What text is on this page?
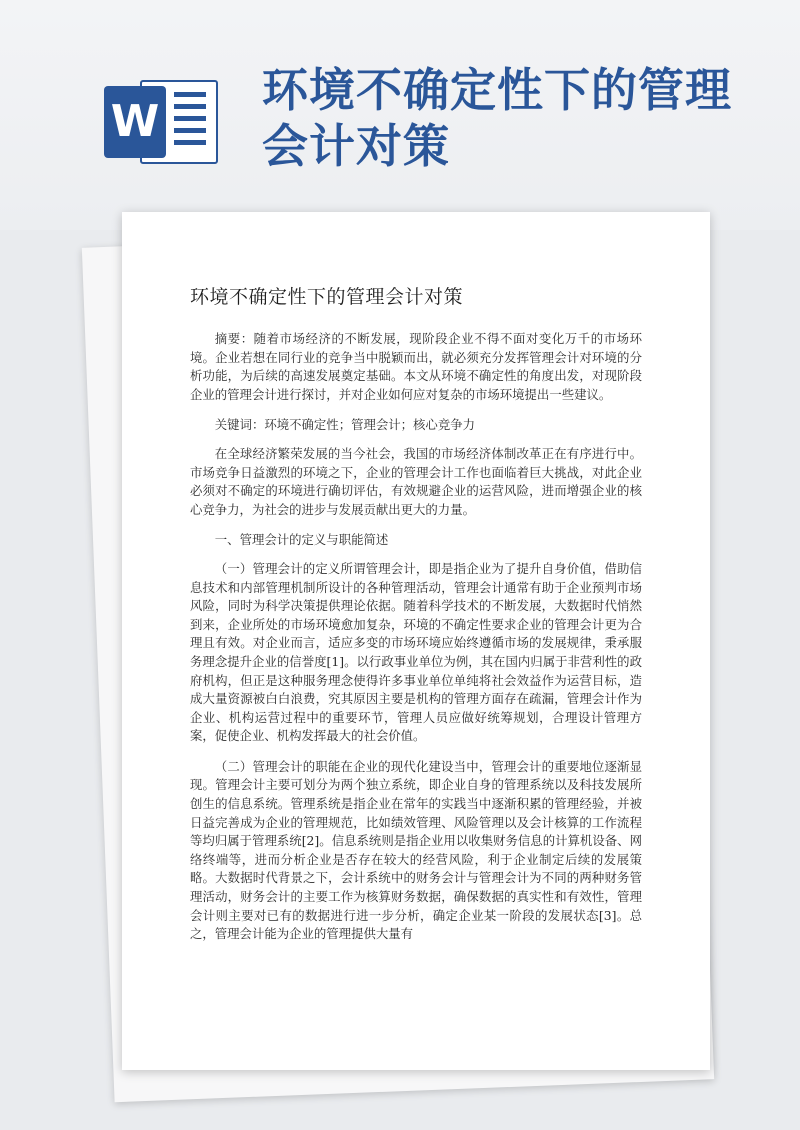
W
环境不确定性下的管理会计对策
环境不确定性下的管理会计对策

摘要：随着市场经济的不断发展，现阶段企业不得不面对变化万千的市场环境。企业若想在同行业的竞争当中脱颖而出，就必须充分发挥管理会计对环境的分析功能，为后续的高速发展奠定基础。本文从环境不确定性的角度出发，对现阶段企业的管理会计进行探讨，并对企业如何应对复杂的市场环境提出一些建议。

关键词：环境不确定性；管理会计；核心竞争力

在全球经济繁荣发展的当今社会，我国的市场经济体制改革正在有序进行中。市场竞争日益激烈的环境之下，企业的管理会计工作也面临着巨大挑战，对此企业必须对不确定的环境进行确切评估，有效规避企业的运营风险，进而增强企业的核心竞争力，为社会的进步与发展贡献出更大的力量。

一、管理会计的定义与职能简述

（一）管理会计的定义所谓管理会计，即是指企业为了提升自身价值，借助信息技术和内部管理机制所设计的各种管理活动，管理会计通常有助于企业预判市场风险，同时为科学决策提供理论依据。随着科学技术的不断发展，大数据时代悄然到来，企业所处的市场环境愈加复杂，环境的不确定性要求企业的管理会计更为合理且有效。对企业而言，适应多变的市场环境应始终遵循市场的发展规律，秉承服务理念提升企业的信誉度[1]。以行政事业单位为例，其在国内归属于非营利性的政府机构，但正是这种服务理念使得许多事业单位单纯将社会效益作为运营目标，造成大量资源被白白浪费，究其原因主要是机构的管理方面存在疏漏，管理会计作为企业、机构运营过程中的重要环节，管理人员应做好统筹规划，合理设计管理方案，促使企业、机构发挥最大的社会价值。

（二）管理会计的职能在企业的现代化建设当中，管理会计的重要地位逐渐显现。管理会计主要可划分为两个独立系统，即企业自身的管理系统以及科技发展所创生的信息系统。管理系统是指企业在常年的实践当中逐渐积累的管理经验，并被日益完善成为企业的管理规范，比如绩效管理、风险管理以及会计核算的工作流程等均归属于管理系统[2]。信息系统则是指企业用以收集财务信息的计算机设备、网络终端等，进而分析企业是否存在较大的经营风险，利于企业制定后续的发展策略。大数据时代背景之下，会计系统中的财务会计与管理会计为不同的两种财务管理活动，财务会计的主要工作为核算财务数据，确保数据的真实性和有效性，管理会计则主要对已有的数据进行进一步分析，确定企业某一阶段的发展状态[3]。总之，管理会计能为企业的管理提供大量有
